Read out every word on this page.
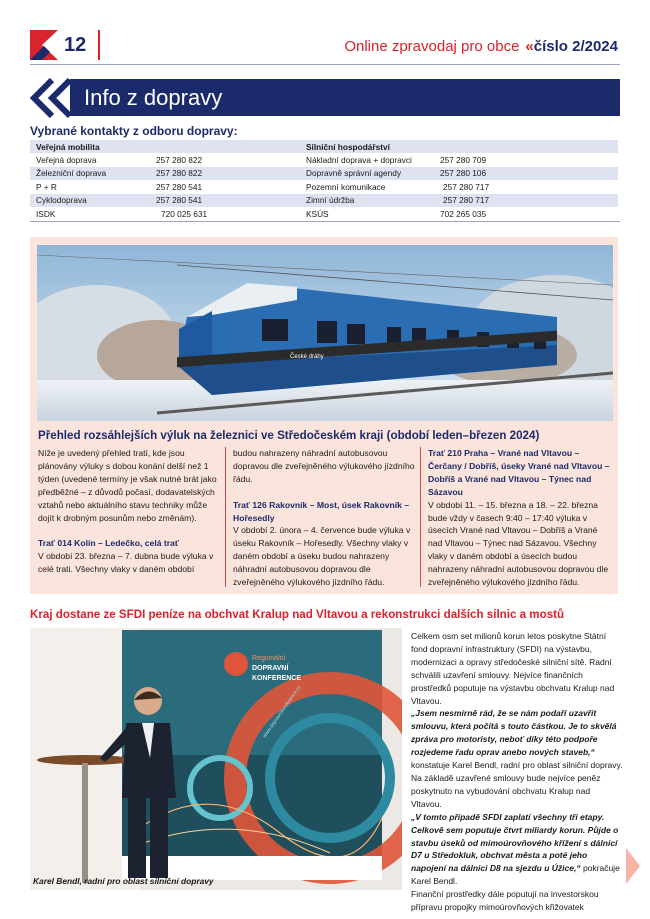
12	Online zpravodaj pro obce « číslo 2/2024
Info z dopravy
Vybrané kontakty z odboru dopravy:
Veřejná mobilita	
Veřejná doprava	257 280 822
Železniční doprava	257 280 822
P + R	257 280 541
Cyklodoprava	257 280 541
ISDK	720 025 631
Silniční hospodářství	
Nákladní doprava + dopravci	257 280 709
Dopravně správní agendy	257 280 106
Pozemní komunikace	257 280 717
Zimní údržba	257 280 717
KSÚS	702 265 035
České dráhy
Přehled rozsáhlejších výluk na železnici ve Středočeském kraji (období leden–březen 2024)

Níže je uvedený přehled tratí, kde jsou plánovány výluky s dobou konání delší než 1 týden (uvedené termíny je však nutné brát jako předběžné – z důvodů počasí, dodavatelských vztahů nebo aktuálního stavu techniky může dojít k drobným posunům nebo změnám).

Trať 014 Kolín – Ledečko, celá trať
V období 23. března – 7. dubna bude výluka v celé trati. Všechny vlaky v daném období

budou nahrazeny náhradní autobusovou dopravou dle zveřejněného výlukového jízdního řádu.

Trať 126 Rakovník – Most, úsek Rakovník – Hořesedly
V období 2. února – 4. července bude výluka v úseku Rakovník – Hořesedly. Všechny vlaky v daném období a úseku budou nahrazeny náhradní autobusovou dopravou dle zveřejněného výlukového jízdního řádu.
Trať 210 Praha – Vrané nad Vltavou – Čerčany / Dobříš, úseky Vrané nad Vltavou – Dobříš a Vrané nad Vltavou – Týnec nad Sázavou
V období 11. – 15. března a 18. – 22. března bude vždy v časech 9:40 – 17:40 výluka v úsecích Vrané nad Vltavou – Dobříš a Vrané nad Vltavou – Týnec nad Sázavou. Všechny vlaky v daném období a úsecích budou nahrazeny náhradní autobusovou dopravou dle zveřejněného výlukového jízdního řádu.
Kraj dostane ze SFDI peníze na obchvat Kralup nad Vltavou a rekonstrukci dalších silnic a mostů
Regionální
DOPRAVNÍ
KONFERENCE
www.dopravnikonference.cz
Karel Bendl, radní pro oblast silniční dopravy
Celkem osm set milionů korun letos poskytne Státní fond dopravní infrastruktury (SFDI) na výstavbu, modernizaci a opravy středočeské silniční sítě. Radní schválili uzavření smlouvy. Nejvíce finančních prostředků poputuje na výstavbu obchvatu Kralup nad Vltavou.
„Jsem nesmírně rád, že se nám podaří uzavřít smlouvu, která počítá s touto částkou. Je to skvělá zpráva pro motoristy, neboť díky této podpoře rozjedeme řadu oprav anebo nových staveb,“ konstatuje Karel Bendl, radní pro oblast silniční dopravy.
Na základě uzavřené smlouvy bude nejvíce peněz poskytnuto na vybudování obchvatu Kralup nad Vltavou.
„V tomto případě SFDI zaplatí všechny tři etapy. Celkově sem poputuje čtvrt miliardy korun. Půjde o stavbu úseků od mimoúrovňového křížení s dálnicí D7 u Středokluk, obchvat města a poté jeho napojení na dálnici D8 na sjezdu u Úžice,“ pokračuje Karel Bendl.
Finanční prostředky dále poputují na investorskou přípravu propojky mimoúrovňových křižovatek
